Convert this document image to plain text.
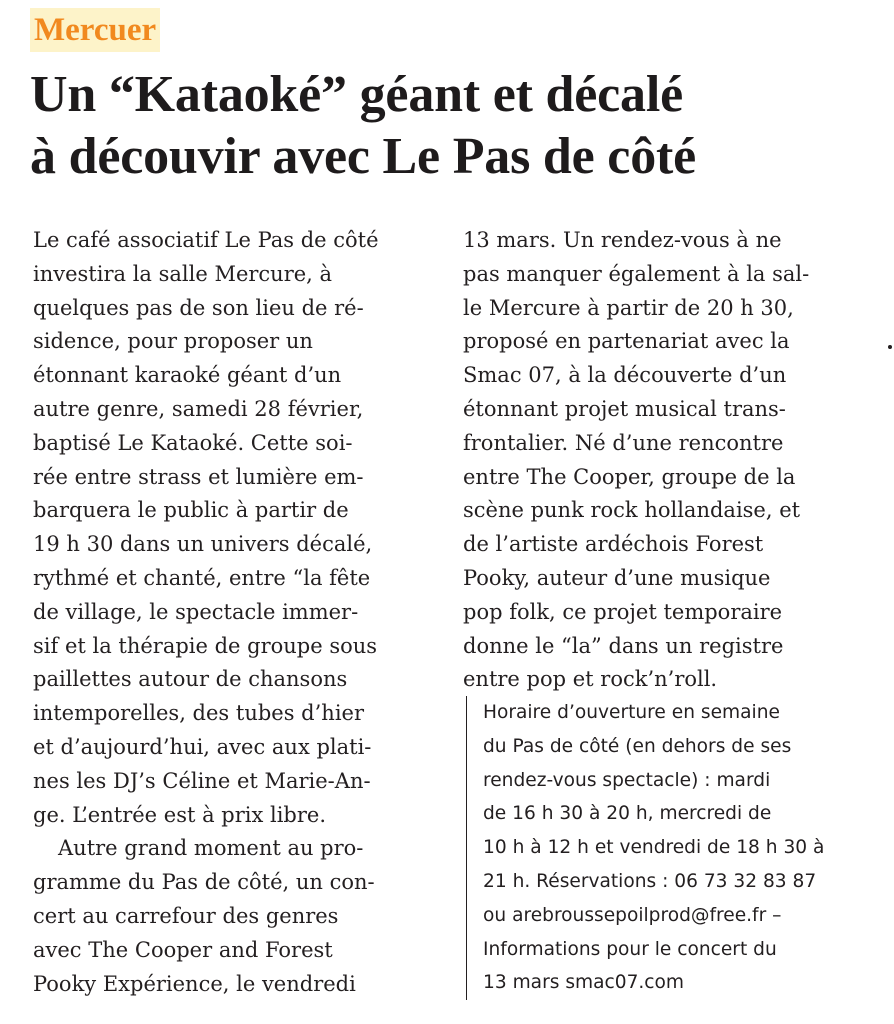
Mercuer
Un “Kataoké” géant et décalé
à découvir avec Le Pas de côté
Le café associatif Le Pas de côté
investira la salle Mercure, à
quelques pas de son lieu de ré-
sidence, pour proposer un
étonnant karaoké géant d’un
autre genre, samedi 28 février,
baptisé Le Kataoké. Cette soi-
rée entre strass et lumière em-
barquera le public à partir de
19 h 30 dans un univers décalé,
rythmé et chanté, entre “la fête
de village, le spectacle immer-
sif et la thérapie de groupe sous
paillettes autour de chansons
intemporelles, des tubes d’hier
et d’aujourd’hui, avec aux plati-
nes les DJ’s Céline et Marie-An-
ge. L’entrée est à prix libre.
Autre grand moment au pro-
gramme du Pas de côté, un con-
cert au carrefour des genres
avec The Cooper and Forest
Pooky Expérience, le vendredi
13 mars. Un rendez-vous à ne
pas manquer également à la sal-
le Mercure à partir de 20 h 30,
proposé en partenariat avec la
Smac 07, à la découverte d’un
étonnant projet musical trans-
frontalier. Né d’une rencontre
entre The Cooper, groupe de la
scène punk rock hollandaise, et
de l’artiste ardéchois Forest
Pooky, auteur d’une musique
pop folk, ce projet temporaire
donne le “la” dans un registre
entre pop et rock’n’roll.
Horaire d’ouverture en semaine
du Pas de côté (en dehors de ses
rendez-vous spectacle) : mardi
de 16 h 30 à 20 h, mercredi de
10 h à 12 h et vendredi de 18 h 30 à
21 h. Réservations : 06 73 32 83 87
ou arebroussepoilprod@free.fr –
Informations pour le concert du
13 mars smac07.com
